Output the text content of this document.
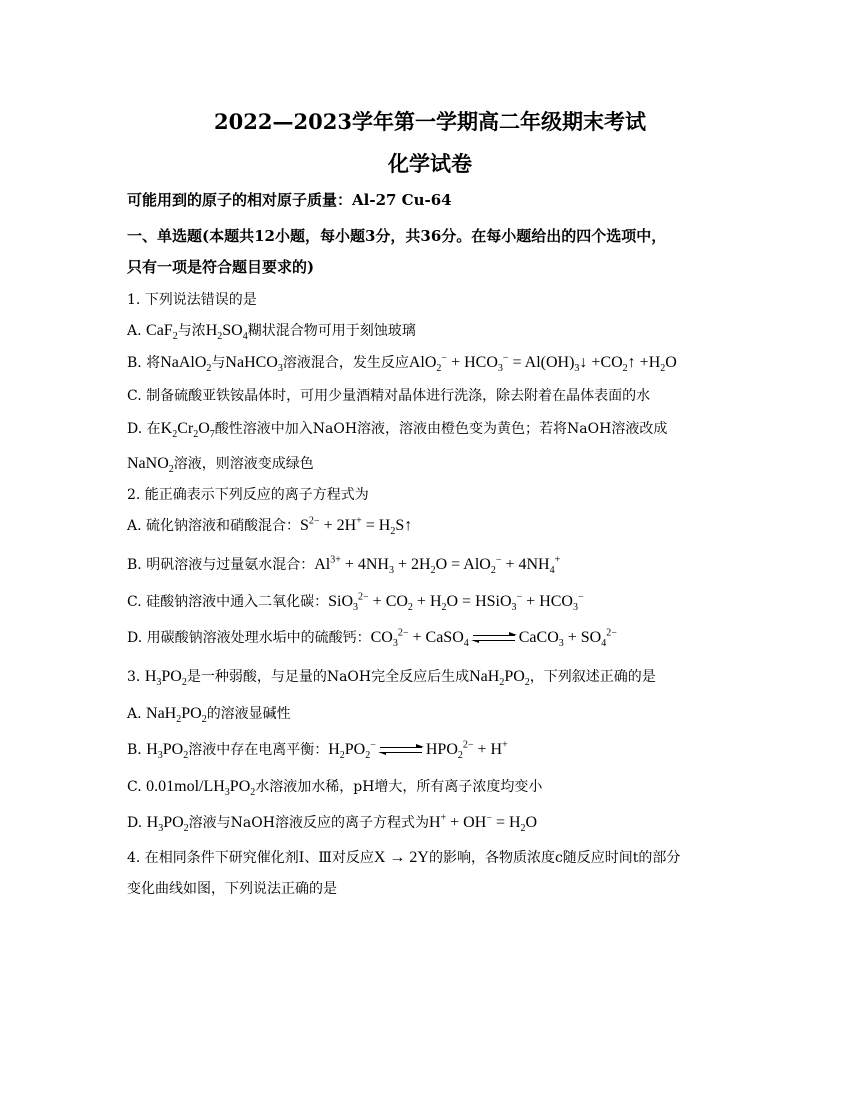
2022—2023学年第一学期高二年级期末考试
化学试卷
可能用到的原子的相对原子质量：Al-27 Cu-64
一、单选题(本题共12小题，每小题3分，共36分。在每小题给出的四个选项中，
只有一项是符合题目要求的)
1. 下列说法错误的是
A. CaF$_2$与浓$H_2SO_4$糊状混合物可用于刻蚀玻璃
B. 将NaAlO$_2$与NaHCO$_3$溶液混合，发生反应$AlO_2^- + HCO_3^-$ = $Al(OH)_3↓$ $+CO_2↑ +H_2O$
C. 制备硫酸亚铁铵晶体时，可用少量酒精对晶体进行洗涤，除去附着在晶体表面的水
D. 在$K_2Cr_2O_7$酸性溶液中加入NaOH溶液，溶液由橙色变为黄色；若将NaOH溶液改成
NaNO$_2$溶液，则溶液变成绿色
2. 能正确表示下列反应的离子方程式为
A. 硫化钠溶液和硝酸混合：$S^{2-} + 2H^+$ = $H_2S↑$
B. 明矾溶液与过量氨水混合：$Al^{3+} + 4NH_3 + 2H_2O = AlO_2^- + 4NH_4^+$
C. 硅酸钠溶液中通入二氧化碳：$SiO_3^{2-} + CO_2 + H_2O$ = HSiO$_3$− + $HCO_3^-$
D. 用碳酸钠溶液处理水垢中的硫酸钙：$CO_3^{2-}$ + CaSO$_4$	CaCO$_3$ + $SO_4^{2-}$
3. $H_3PO_2$是一种弱酸，与足量的NaOH完全反应后生成$NaH_2PO_2$，下列叙述正确的是
A. $NaH_2PO_2$的溶液显碱性
B. $H_3PO_2$溶液中存在电离平衡：$H_2PO_2^-$	$HPO_2^{2-} + H^+$
C. $0.01mol/LH_3PO_2$水溶液加水稀，pH增大，所有离子浓度均变小
D. $H_3PO_2$溶液与NaOH溶液反应的离子方程式为$H^+ + OH^- = H_2O$
4. 在相同条件下研究催化剂Ⅰ、Ⅲ对反应X → 2Y的影响，各物质浓度c随反应时间t的部分
变化曲线如图，下列说法正确的是
